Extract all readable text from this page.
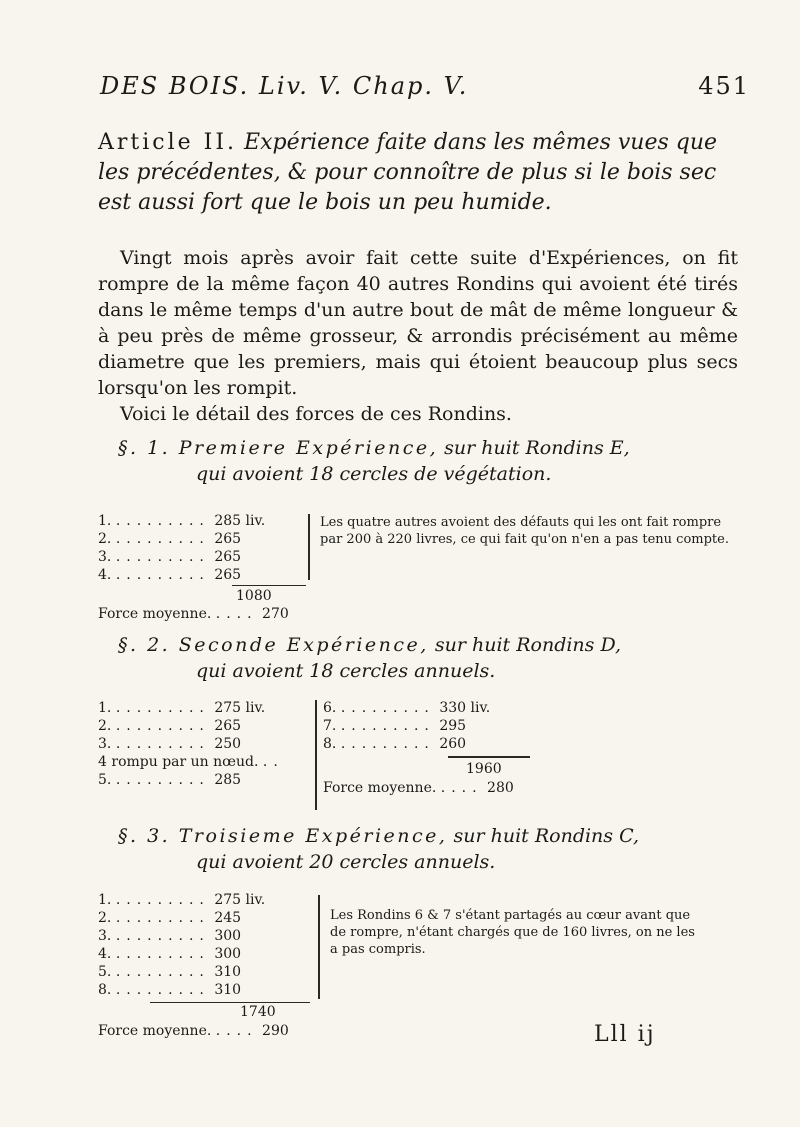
DES BOIS. Liv. V. Chap. V.	451
Article II. Expérience faite dans les mêmes vues que les précédentes, & pour connoître de plus si le bois sec est aussi fort que le bois un peu humide.

Vingt mois après avoir fait cette suite d'Expériences, on fit rompre de la même façon 40 autres Rondins qui avoient été tirés dans le même temps d'un autre bout de mât de même longueur & à peu près de même grosseur, & arrondis précisément au même diametre que les premiers, mais qui étoient beaucoup plus secs lorsqu'on les rompit.

Voici le détail des forces de ces Rondins.

§. 1. Premiere Expérience, sur huit Rondins E,
qui avoient 18 cercles de végétation.
1. ......... 285 liv.
2. ......... 265
3. ......... 265
4. ......... 265
1080
Force moyenne. .... 270
Les quatre autres avoient des défauts qui les ont fait rompre par 200 à 220 livres, ce qui fait qu'on n'en a pas tenu compte.
§. 2. Seconde Expérience, sur huit Rondins D,
qui avoient 18 cercles annuels.
1. ......... 275 liv.
2. ......... 265
3. ......... 250
4 rompu par un nœud. ..
5. ......... 285
6. ......... 330 liv.
7. ......... 295
8. ......... 260
1960
Force moyenne. .... 280
§. 3. Troisieme Expérience, sur huit Rondins C,
qui avoient 20 cercles annuels.
1. ......... 275 liv.
2. ......... 245
3. ......... 300
4. ......... 300
5. ......... 310
8. ......... 310
1740
Force moyenne. .... 290
Les Rondins 6 & 7 s'étant partagés au cœur avant que de rompre, n'étant chargés que de 160 livres, on ne les a pas compris.
Lll ij
